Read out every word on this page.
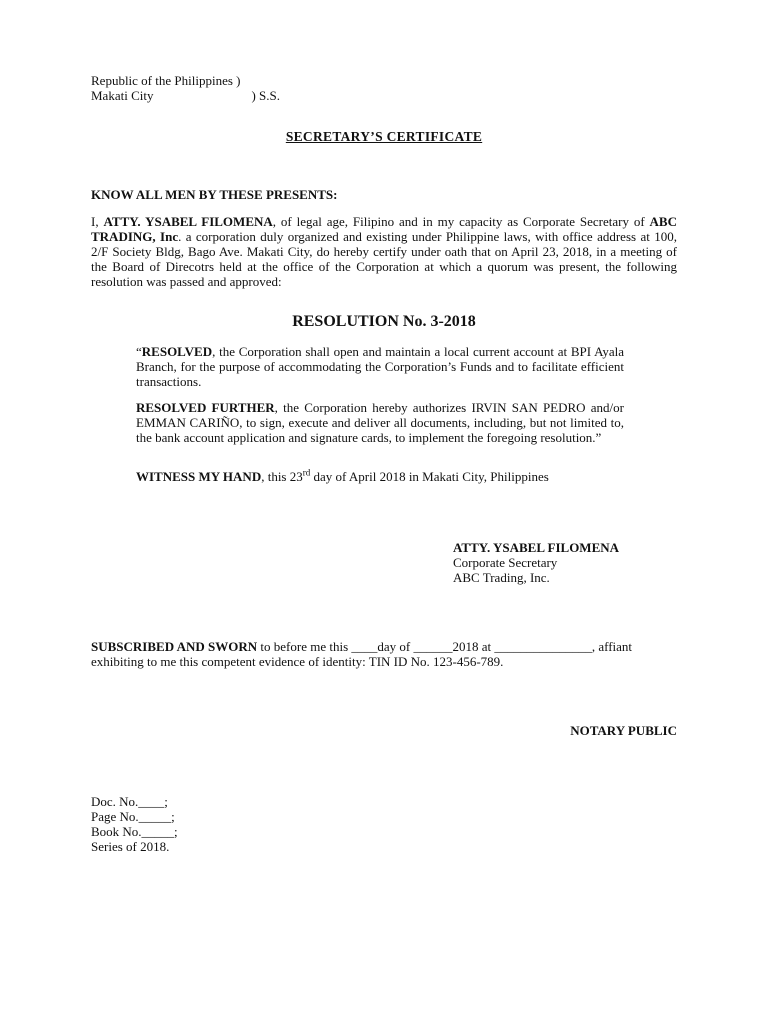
Republic of the Philippines )
Makati City	) S.S.
SECRETARY’S CERTIFICATE
KNOW ALL MEN BY THESE PRESENTS:
I, ATTY. YSABEL FILOMENA, of legal age, Filipino and in my capacity as Corporate Secretary of ABC TRADING, Inc. a corporation duly organized and existing under Philippine laws, with office address at 100, 2/F Society Bldg, Bago Ave. Makati City, do hereby certify under oath that on April 23, 2018, in a meeting of the Board of Direcotrs held at the office of the Corporation at which a quorum was present, the following resolution was passed and approved:
RESOLUTION No. 3-2018
“RESOLVED, the Corporation shall open and maintain a local current account at BPI Ayala Branch, for the purpose of accommodating the Corporation’s Funds and to facilitate efficient transactions.
RESOLVED FURTHER, the Corporation hereby authorizes IRVIN SAN PEDRO and/or EMMAN CARIÑO, to sign, execute and deliver all documents, including, but not limited to, the bank account application and signature cards, to implement the foregoing resolution.”
WITNESS MY HAND, this 23rd day of April 2018 in Makati City, Philippines
ATTY. YSABEL FILOMENA
Corporate Secretary
ABC Trading, Inc.
SUBSCRIBED AND SWORN to before me this ____day of ______2018 at _______________, affiant exhibiting to me this competent evidence of identity: TIN ID No. 123-456-789.
NOTARY PUBLIC
Doc. No.____;
Page No._____;
Book No._____;
Series of 2018.
